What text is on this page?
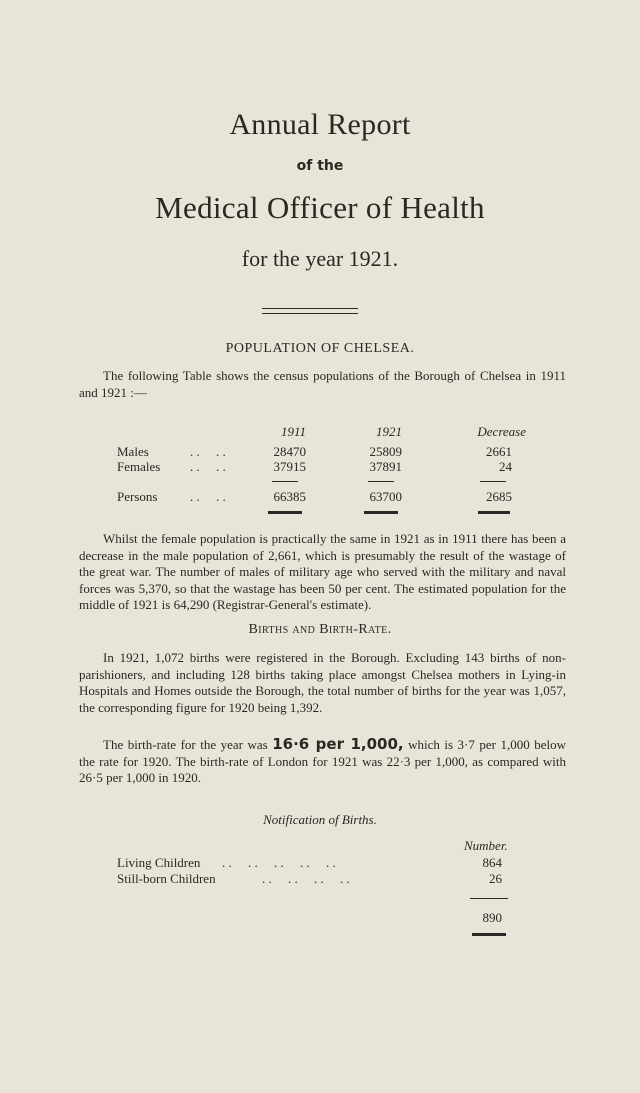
Annual Report
of the
Medical Officer of Health
for the year 1921.
POPULATION OF CHELSEA.
The following Table shows the census populations of the Borough of Chelsea in 1911 and 1921 :—
1911	1921	Decrease
Males	. .     . .	28470	25809	2661
Females . .     . .	37915	37891	24
Persons	. .     . .	66385	63700	2685
Whilst the female population is practically the same in 1921 as in 1911 there has been a decrease in the male population of 2,661, which is presumably the result of the wastage of the great war. The number of males of military age who served with the military and naval forces was 5,370, so that the wastage has been 50 per cent. The estimated population for the middle of 1921 is 64,290 (Registrar-General's estimate).
Births and Birth-Rate.
In 1921, 1,072 births were registered in the Borough. Excluding 143 births of non-parishioners, and including 128 births taking place amongst Chelsea mothers in Lying-in Hospitals and Homes outside the Borough, the total number of births for the year was 1,057, the corresponding figure for 1920 being 1,392.
The birth-rate for the year was 16·6 per 1,000, which is 3·7 per 1,000 below the rate for 1920. The birth-rate of London for 1921 was 22·3 per 1,000, as compared with 26·5 per 1,000 in 1920.
Notification of Births.
Number.
Living Children . .     . .     . .     . .     . .	864
Still-born Children	. .     . .     . .     . .	26
890
